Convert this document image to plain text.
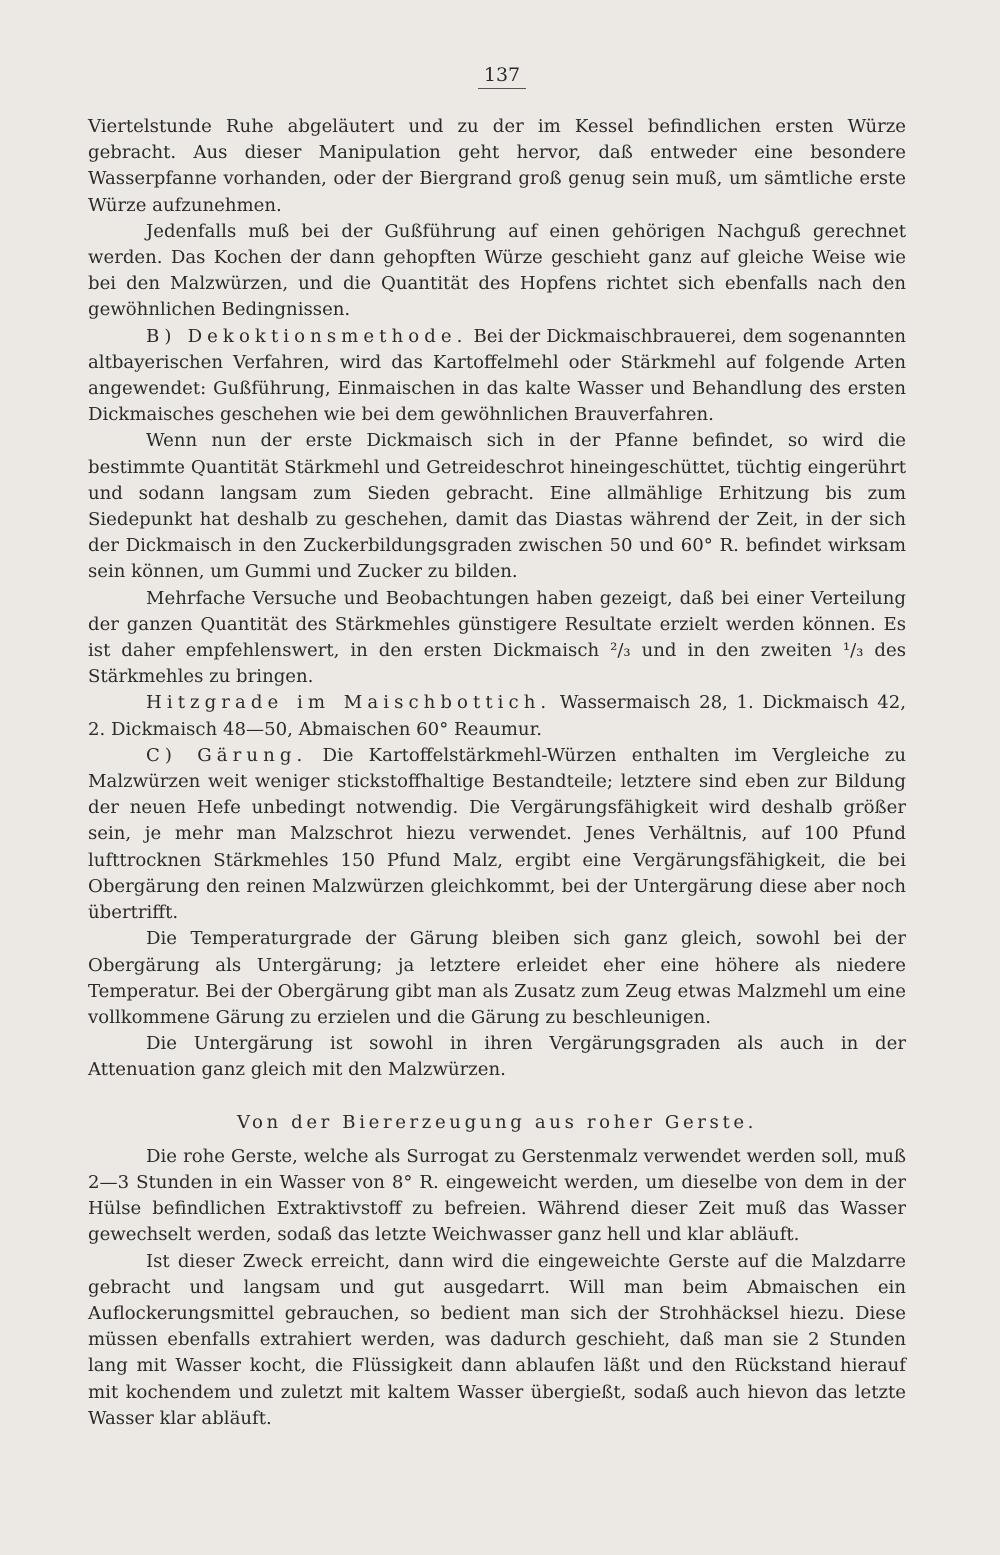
137

Viertelstunde Ruhe abgeläutert und zu der im Kessel befindlichen ersten Würze gebracht. Aus dieser Manipulation geht hervor, daß entweder eine besondere Wasserpfanne vorhanden, oder der Biergrand groß genug sein muß, um sämtliche erste Würze aufzunehmen.

Jedenfalls muß bei der Gußführung auf einen gehörigen Nachguß gerechnet werden. Das Kochen der dann gehopften Würze geschieht ganz auf gleiche Weise wie bei den Malzwürzen, und die Quantität des Hopfens richtet sich ebenfalls nach den gewöhnlichen Bedingnissen.

B) Dekoktionsmethode. Bei der Dickmaischbrauerei, dem sogenannten altbayerischen Verfahren, wird das Kartoffelmehl oder Stärkmehl auf folgende Arten angewendet: Gußführung, Einmaischen in das kalte Wasser und Behandlung des ersten Dickmaisches geschehen wie bei dem gewöhnlichen Brauverfahren.

Wenn nun der erste Dickmaisch sich in der Pfanne befindet, so wird die bestimmte Quantität Stärkmehl und Getreideschrot hineingeschüttet, tüchtig eingerührt und sodann langsam zum Sieden gebracht. Eine allmählige Erhitzung bis zum Siedepunkt hat deshalb zu geschehen, damit das Diastas während der Zeit, in der sich der Dickmaisch in den Zuckerbildungsgraden zwischen 50 und 60° R. befindet wirksam sein können, um Gummi und Zucker zu bilden.

Mehrfache Versuche und Beobachtungen haben gezeigt, daß bei einer Verteilung der ganzen Quantität des Stärkmehles günstigere Resultate erzielt werden können. Es ist daher empfehlenswert, in den ersten Dickmaisch ²/₃ und in den zweiten ¹/₃ des Stärkmehles zu bringen.

Hitzgrade im Maischbottich. Wassermaisch 28, 1. Dickmaisch 42, 2. Dickmaisch 48—50, Abmaischen 60° Reaumur.

C) Gärung. Die Kartoffelstärkmehl-Würzen enthalten im Vergleiche zu Malzwürzen weit weniger stickstoffhaltige Bestandteile; letztere sind eben zur Bildung der neuen Hefe unbedingt notwendig. Die Vergärungsfähigkeit wird deshalb größer sein, je mehr man Malzschrot hiezu verwendet. Jenes Verhältnis, auf 100 Pfund lufttrocknen Stärkmehles 150 Pfund Malz, ergibt eine Vergärungsfähigkeit, die bei Obergärung den reinen Malzwürzen gleichkommt, bei der Untergärung diese aber noch übertrifft.

Die Temperaturgrade der Gärung bleiben sich ganz gleich, sowohl bei der Obergärung als Untergärung; ja letztere erleidet eher eine höhere als niedere Temperatur. Bei der Obergärung gibt man als Zusatz zum Zeug etwas Malzmehl um eine vollkommene Gärung zu erzielen und die Gärung zu beschleunigen.

Die Untergärung ist sowohl in ihren Vergärungsgraden als auch in der Attenuation ganz gleich mit den Malzwürzen.

Von der Biererzeugung aus roher Gerste.

Die rohe Gerste, welche als Surrogat zu Gerstenmalz verwendet werden soll, muß 2—3 Stunden in ein Wasser von 8° R. eingeweicht werden, um dieselbe von dem in der Hülse befindlichen Extraktivstoff zu befreien. Während dieser Zeit muß das Wasser gewechselt werden, sodaß das letzte Weichwasser ganz hell und klar abläuft.

Ist dieser Zweck erreicht, dann wird die eingeweichte Gerste auf die Malzdarre gebracht und langsam und gut ausgedarrt. Will man beim Abmaischen ein Auflockerungsmittel gebrauchen, so bedient man sich der Strohhäcksel hiezu. Diese müssen ebenfalls extrahiert werden, was dadurch geschieht, daß man sie 2 Stunden lang mit Wasser kocht, die Flüssigkeit dann ablaufen läßt und den Rückstand hierauf mit kochendem und zuletzt mit kaltem Wasser übergießt, sodaß auch hievon das letzte Wasser klar abläuft.
